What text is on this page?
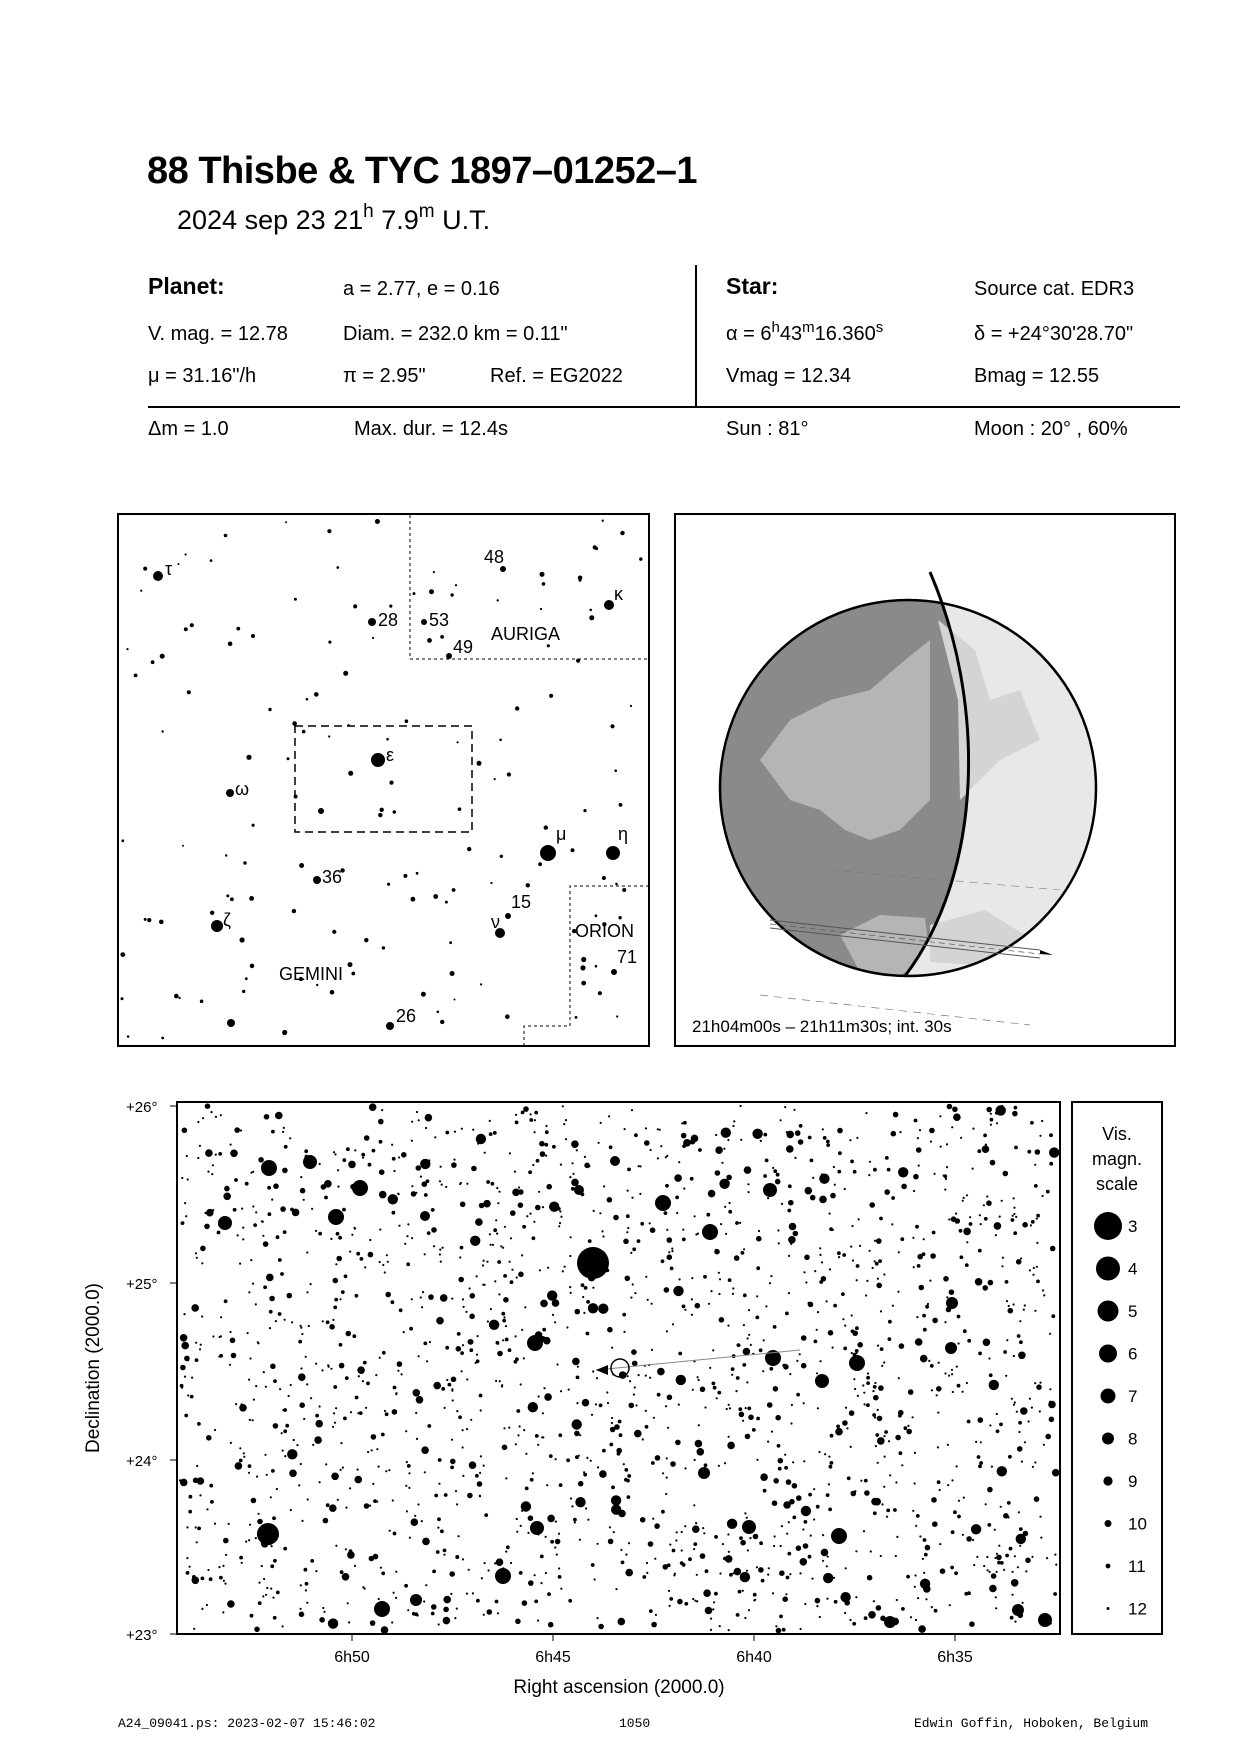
88 Thisbe & TYC 1897–01252–1
2024 sep 23 21$^h$ 7.9$^m$ U.T.
Planet:	a = 2.77, e = 0.16
V. mag. = 12.78	Diam. = 232.0 km = 0.11"
μ = 31.16"/h	π = 2.95"	Ref. = EG2022
Star:	Source cat. EDR3
$\alpha = 6^h43^m16.360^s$	δ = +24°30'28.70"
Vmag = 12.34	Bmag = 12.55
Δm = 1.0	Max. dur. = 12.4s	Sun : 81°	Moon : 20° , 60%
τ
48
κ
28 53
49
ε
ω
μ	η
36
15
ν
ζ
71
26
AURIGA
ORION
GEMINI
21h04m00s – 21h11m30s; int. 30s
+26°
+25°
+24°
+23°
6h50	6h45	6h40	6h35
Right ascension (2000.0)
Declination (2000.0)
Vis.
magn.
scale
3
4
5
6
7
8
9
10
11
12
A24_09041.ps: 2023-02-07 15:46:02	1050	Edwin Goffin, Hoboken, Belgium
